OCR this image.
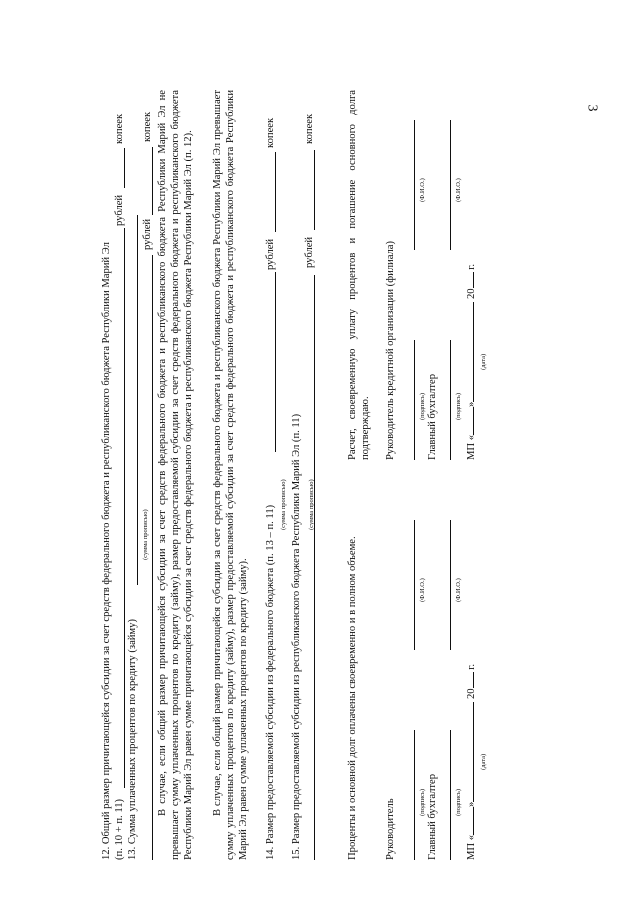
3
12. Общий размер причитающейся субсидии за счет средств федерального бюджета и республиканского бюджета Республики Марий Эл (п. 10 + п. 11)
рублей
копеек
13. Сумма уплаченных процентов по кредиту (займу)
(сумма прописью)
рублей
копеек В случае, если общий размер причитающейся субсидии за счет средств федерального бюджета и республиканского бюджета Республики Марий Эл не превышает сумму уплаченных процентов по кредиту (займу), размер предоставляемой субсидии за счет средств федерального бюджета и республиканского бюджета Республики Марий Эл равен сумме причитающейся субсидии за счет средств федерального бюджета и республиканского бюджета Республики Марий Эл (п. 12). В случае, если общий размер причитающейся субсидии за счет средств федерального бюджета и республиканского бюджета Республики Марий Эл превышает сумму уплаченных процентов по кредиту (займу), размер предоставляемой субсидии за счет средств федерального бюджета и республиканского бюджета Республики Марий Эл равен сумме уплаченных процентов по кредиту (займу). 14. Размер предоставляемой субсидии из федерального бюджета (п. 13 – п. 11)
рублей
копеек
(сумма прописью) 15. Размер предоставляемой субсидии из республиканского бюджета Республики Марий Эл (п. 11) (сумма прописью)
рублей
копеек
Проценты и основной долг оплачены своевременно и в полном объеме.	Руководитель	(подпись)
(Ф.И.О.)
Главный бухгалтер	(подпись)
(Ф.И.О.)
МП «» 20 г.
(дата)
Расчет, своевременную уплату процентов и погашение основного долга подтверждаю. Руководитель кредитной организации (филиала)	(подпись)
(Ф.И.О.)
Главный бухгалтер	(подпись)
(Ф.И.О.)
МП «» 20 г.
(дата)
